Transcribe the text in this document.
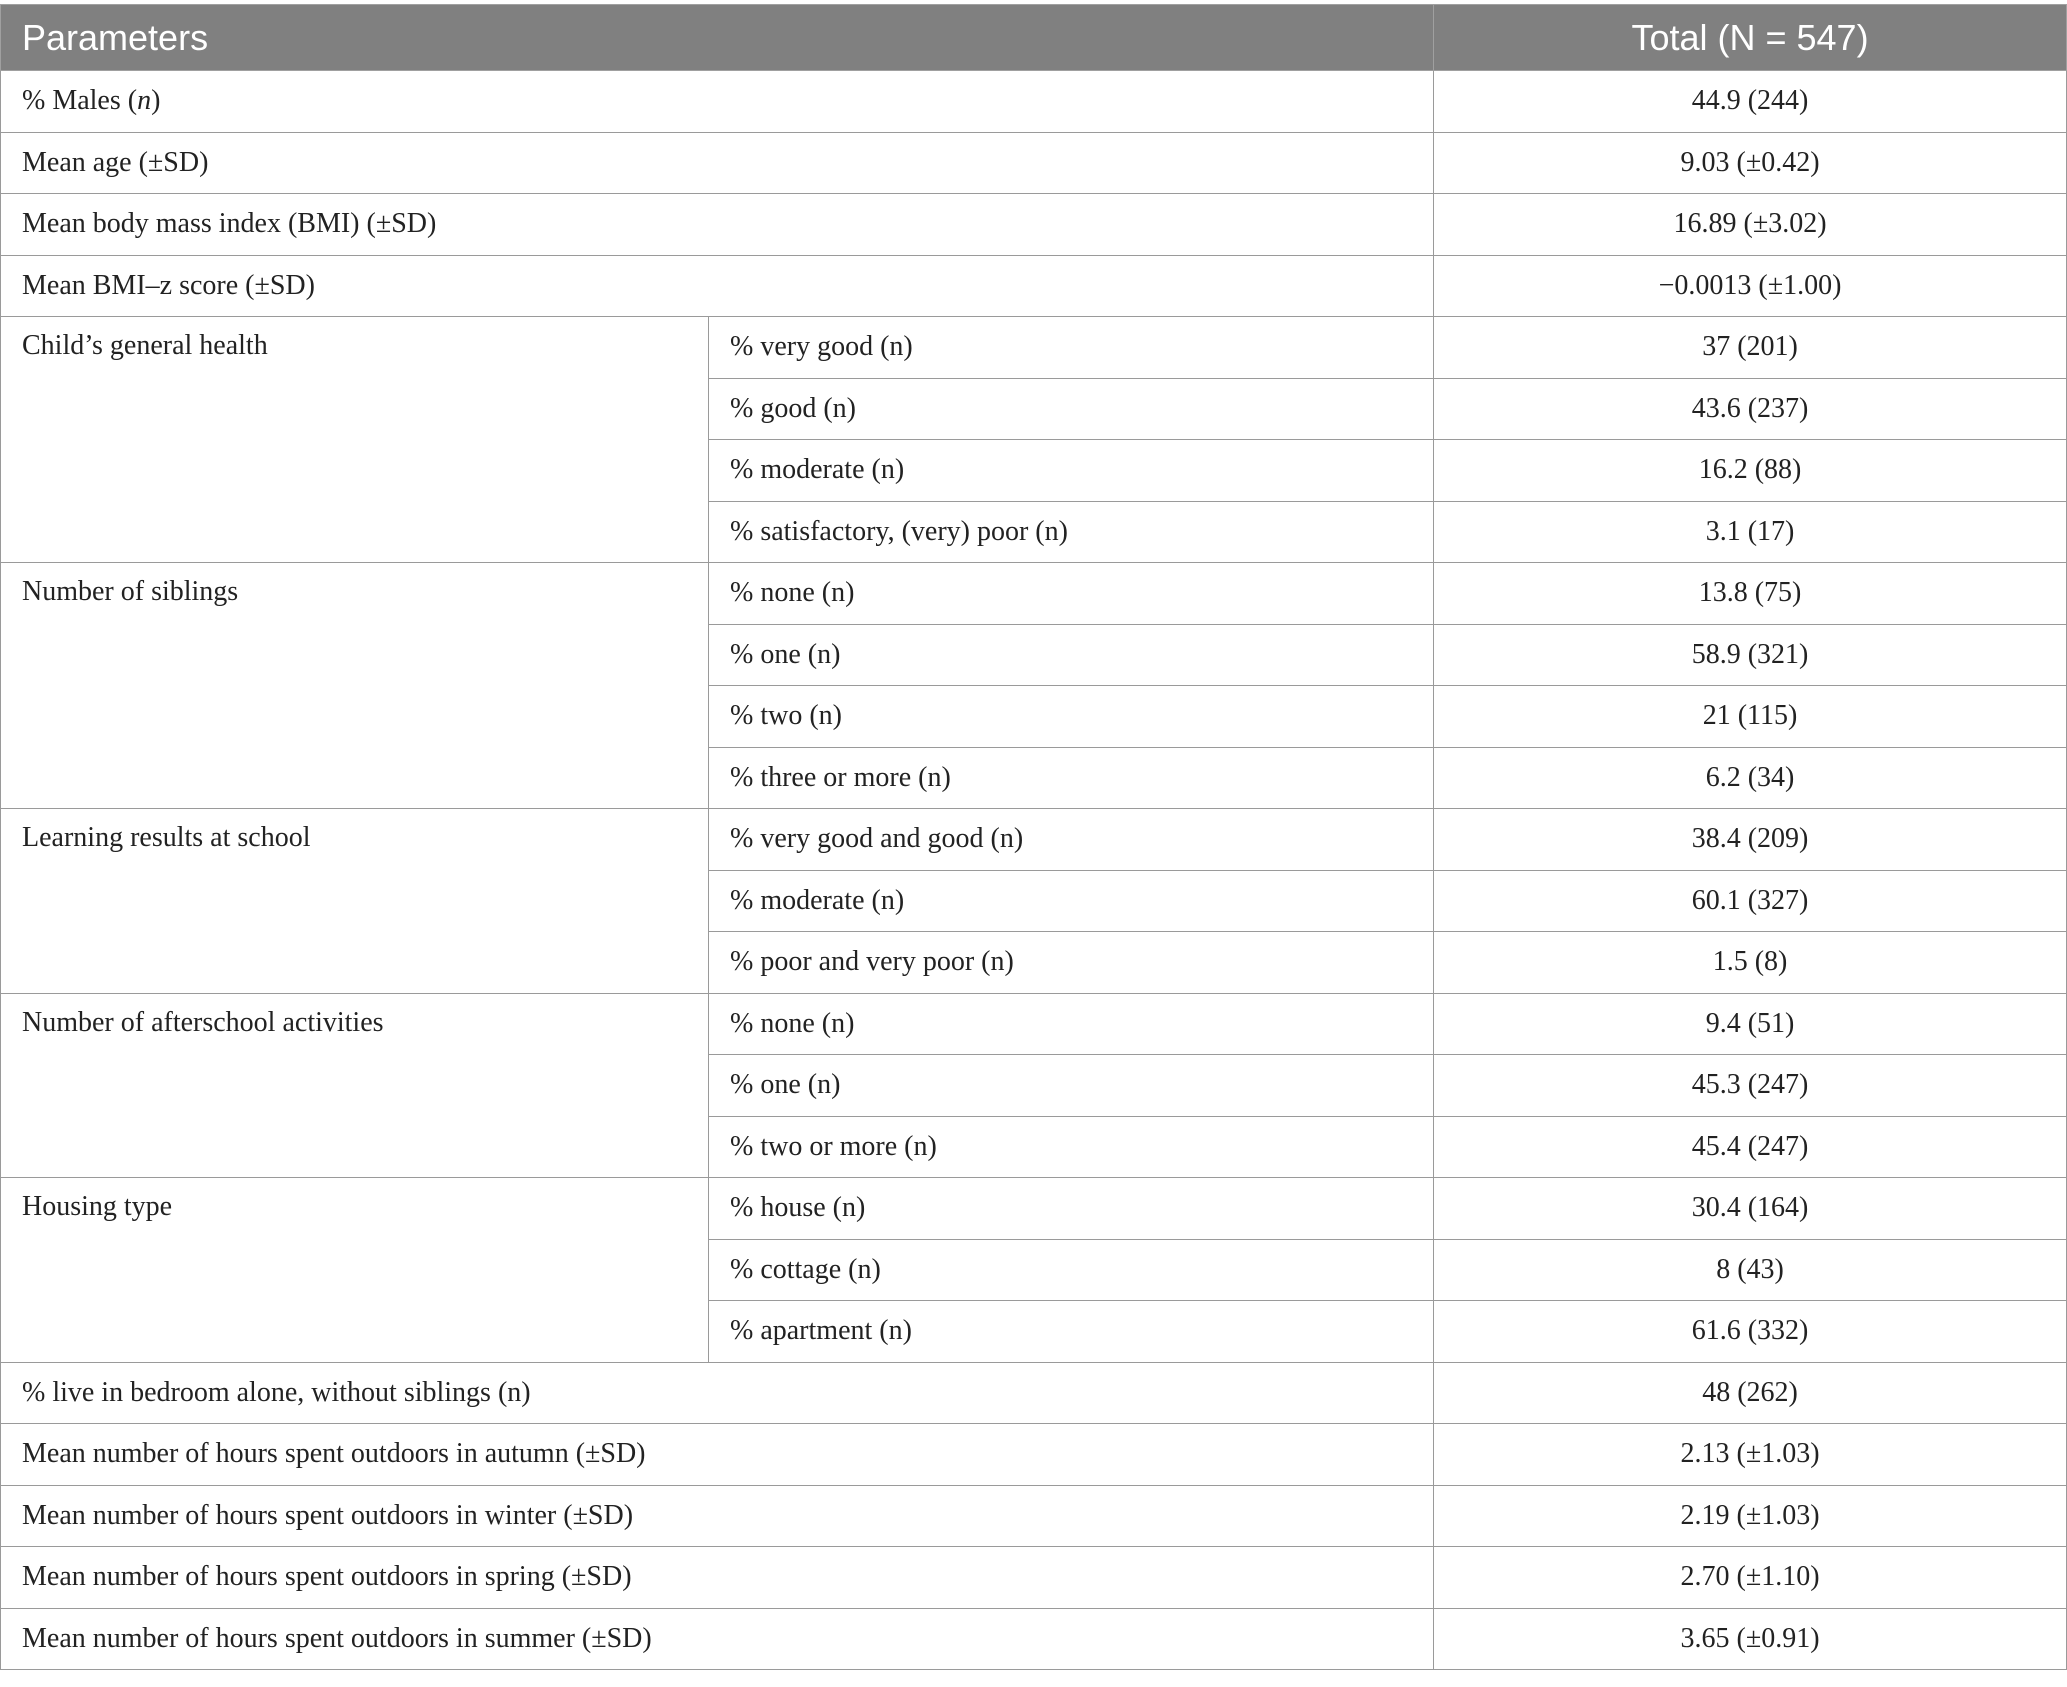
Parameters		Total (N = 547)
% Males (n)		44.9 (244)
Mean age (±SD)		9.03 (±0.42)
Mean body mass index (BMI) (±SD)		16.89 (±3.02)
Mean BMI–z score (±SD)		−0.0013 (±1.00)
Child’s general health	% very good (n)	37 (201)
	% good (n)	43.6 (237)
	% moderate (n)	16.2 (88)
	% satisfactory, (very) poor (n)	3.1 (17)
Number of siblings	% none (n)	13.8 (75)
	% one (n)	58.9 (321)
	% two (n)	21 (115)
	% three or more (n)	6.2 (34)
Learning results at school	% very good and good (n)	38.4 (209)
	% moderate (n)	60.1 (327)
	% poor and very poor (n)	1.5 (8)
Number of afterschool activities	% none (n)	9.4 (51)
	% one (n)	45.3 (247)
	% two or more (n)	45.4 (247)
Housing type	% house (n)	30.4 (164)
	% cottage (n)	8 (43)
	% apartment (n)	61.6 (332)
% live in bedroom alone, without siblings (n)		48 (262)
Mean number of hours spent outdoors in autumn (±SD)		2.13 (±1.03)
Mean number of hours spent outdoors in winter (±SD)		2.19 (±1.03)
Mean number of hours spent outdoors in spring (±SD)		2.70 (±1.10)
Mean number of hours spent outdoors in summer (±SD)		3.65 (±0.91)
